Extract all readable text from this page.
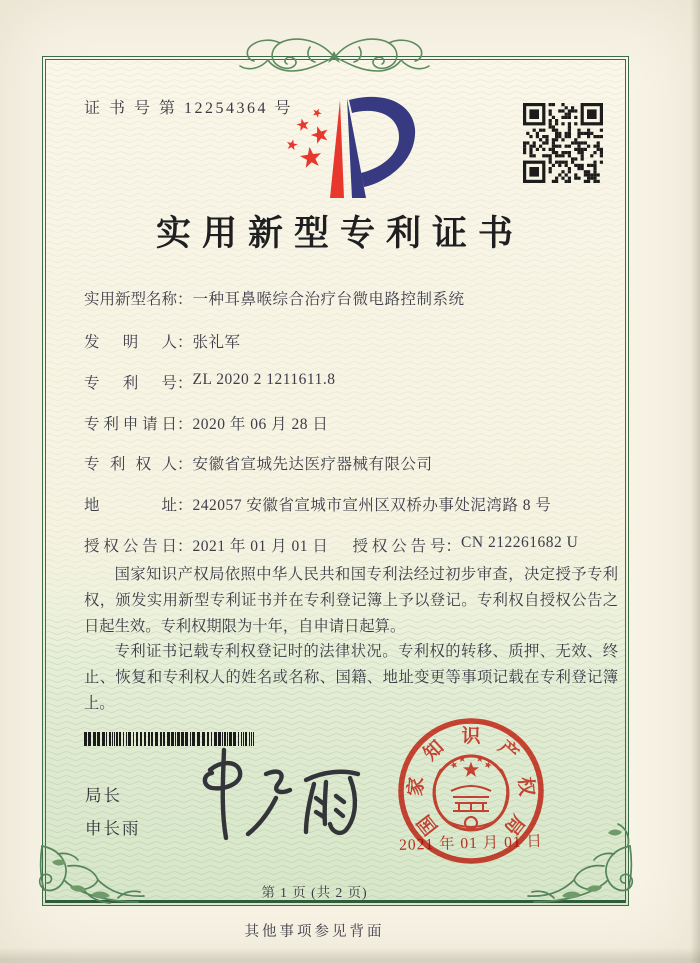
证 书 号 第 12254364 号
实用新型专利证书
实用新型名称：一种耳鼻喉综合治疗台微电路控制系统
发明人：张礼军
专利号：ZL 2020 2 1211611.8
专利申请日：2020 年 06 月 28 日
专利权人：安徽省宣城先达医疗器械有限公司
地址：242057 安徽省宣城市宣州区双桥办事处泥湾路 8 号
授权公告日：2021 年 01 月 01 日 授权公告号：CN 212261682 U

国家知识产权局依照中华人民共和国专利法经过初步审查，决定授予专利权，颁发实用新型专利证书并在专利登记簿上予以登记。专利权自授权公告之日起生效。专利权期限为十年，自申请日起算。

专利证书记载专利权登记时的法律状况。专利权的转移、质押、无效、终止、恢复和专利权人的姓名或名称、国籍、地址变更等事项记载在专利登记簿上。

局长
申长雨	国
家
知
识
产
权
局
2021 年 01 月 01 日
第 1 页 (共 2 页)
其他事项参见背面
